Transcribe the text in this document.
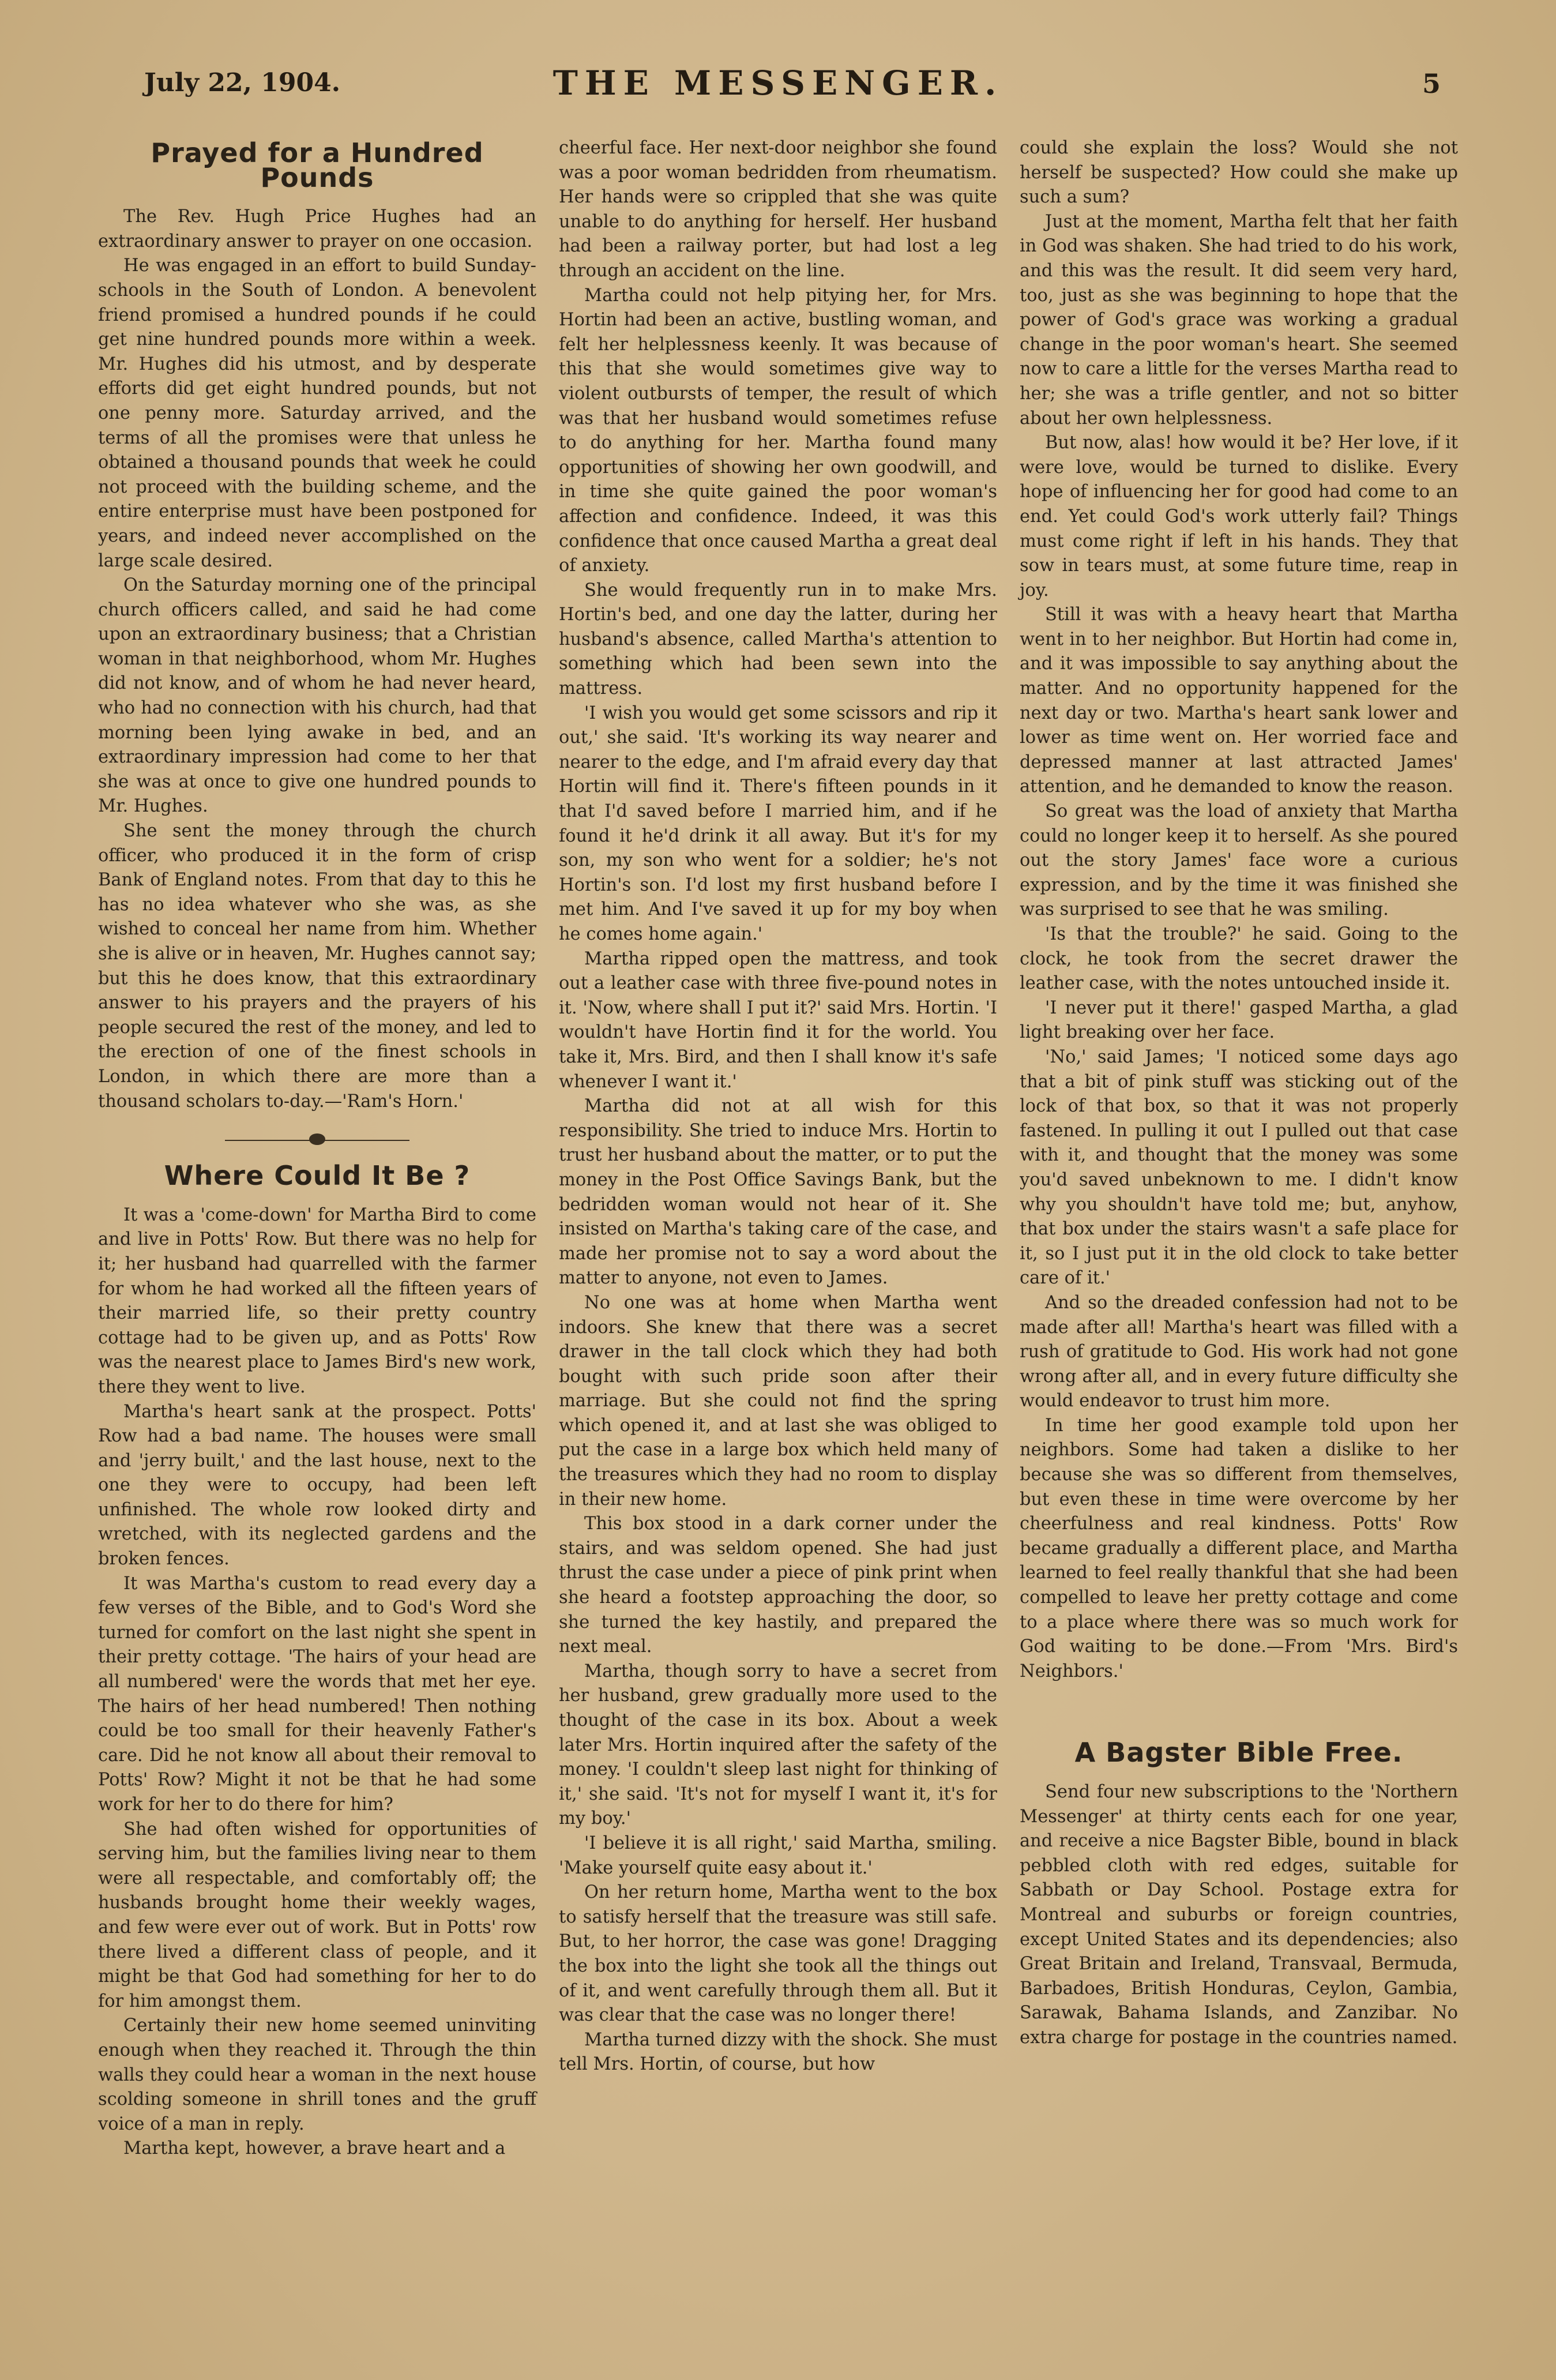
July 22, 1904.	THE MESSENGER.	5
Prayed for a Hundred Pounds

The Rev. Hugh Price Hughes had an extraordinary answer to prayer on one occasion.

He was engaged in an effort to build Sunday-schools in the South of London. A benevolent friend promised a hundred pounds if he could get nine hundred pounds more within a week. Mr. Hughes did his utmost, and by desperate efforts did get eight hundred pounds, but not one penny more. Saturday arrived, and the terms of all the promises were that unless he obtained a thousand pounds that week he could not proceed with the building scheme, and the entire enterprise must have been postponed for years, and indeed never accomplished on the large scale desired.

On the Saturday morning one of the principal church officers called, and said he had come upon an extraordinary business; that a Christian woman in that neighborhood, whom Mr. Hughes did not know, and of whom he had never heard, who had no connection with his church, had that morning been lying awake in bed, and an extraordinary impression had come to her that she was at once to give one hundred pounds to Mr. Hughes.

She sent the money through the church officer, who produced it in the form of crisp Bank of England notes. From that day to this he has no idea whatever who she was, as she wished to conceal her name from him. Whether she is alive or in heaven, Mr. Hughes cannot say; but this he does know, that this extraordinary answer to his prayers and the prayers of his people secured the rest of the money, and led to the erection of one of the finest schools in London, in which there are more than a thousand scholars to-day.—'Ram's Horn.'

Where Could It Be ?

It was a 'come-down' for Martha Bird to come and live in Potts' Row. But there was no help for it; her husband had quarrelled with the farmer for whom he had worked all the fifteen years of their married life, so their pretty country cottage had to be given up, and as Potts' Row was the nearest place to James Bird's new work, there they went to live.

Martha's heart sank at the prospect. Potts' Row had a bad name. The houses were small and 'jerry built,' and the last house, next to the one they were to occupy, had been left unfinished. The whole row looked dirty and wretched, with its neglected gardens and the broken fences.

It was Martha's custom to read every day a few verses of the Bible, and to God's Word she turned for comfort on the last night she spent in their pretty cottage. 'The hairs of your head are all numbered' were the words that met her eye. The hairs of her head numbered! Then nothing could be too small for their heavenly Father's care. Did he not know all about their removal to Potts' Row? Might it not be that he had some work for her to do there for him?

She had often wished for opportunities of serving him, but the families living near to them were all respectable, and comfortably off; the husbands brought home their weekly wages, and few were ever out of work. But in Potts' row there lived a different class of people, and it might be that God had something for her to do for him amongst them.

Certainly their new home seemed uninviting enough when they reached it. Through the thin walls they could hear a woman in the next house scolding someone in shrill tones and the gruff voice of a man in reply.

Martha kept, however, a brave heart and a

cheerful face. Her next-door neighbor she found was a poor woman bedridden from rheumatism. Her hands were so crippled that she was quite unable to do anything for herself. Her husband had been a railway porter, but had lost a leg through an accident on the line.

Martha could not help pitying her, for Mrs. Hortin had been an active, bustling woman, and felt her helplessness keenly. It was because of this that she would sometimes give way to violent outbursts of temper, the result of which was that her husband would sometimes refuse to do anything for her. Martha found many opportunities of showing her own goodwill, and in time she quite gained the poor woman's affection and confidence. Indeed, it was this confidence that once caused Martha a great deal of anxiety.

She would frequently run in to make Mrs. Hortin's bed, and one day the latter, during her husband's absence, called Martha's attention to something which had been sewn into the mattress.

'I wish you would get some scissors and rip it out,' she said. 'It's working its way nearer and nearer to the edge, and I'm afraid every day that Hortin will find it. There's fifteen pounds in it that I'd saved before I married him, and if he found it he'd drink it all away. But it's for my son, my son who went for a soldier; he's not Hortin's son. I'd lost my first husband before I met him. And I've saved it up for my boy when he comes home again.'

Martha ripped open the mattress, and took out a leather case with three five-pound notes in it. 'Now, where shall I put it?' said Mrs. Hortin. 'I wouldn't have Hortin find it for the world. You take it, Mrs. Bird, and then I shall know it's safe whenever I want it.'

Martha did not at all wish for this responsibility. She tried to induce Mrs. Hortin to trust her husband about the matter, or to put the money in the Post Office Savings Bank, but the bedridden woman would not hear of it. She insisted on Martha's taking care of the case, and made her promise not to say a word about the matter to anyone, not even to James.

No one was at home when Martha went indoors. She knew that there was a secret drawer in the tall clock which they had both bought with such pride soon after their marriage. But she could not find the spring which opened it, and at last she was obliged to put the case in a large box which held many of the treasures which they had no room to display in their new home.

This box stood in a dark corner under the stairs, and was seldom opened. She had just thrust the case under a piece of pink print when she heard a footstep approaching the door, so she turned the key hastily, and prepared the next meal.

Martha, though sorry to have a secret from her husband, grew gradually more used to the thought of the case in its box. About a week later Mrs. Hortin inquired after the safety of the money. 'I couldn't sleep last night for thinking of it,' she said. 'It's not for myself I want it, it's for my boy.'

'I believe it is all right,' said Martha, smiling. 'Make yourself quite easy about it.'

On her return home, Martha went to the box to satisfy herself that the treasure was still safe. But, to her horror, the case was gone! Dragging the box into the light she took all the things out of it, and went carefully through them all. But it was clear that the case was no longer there!

Martha turned dizzy with the shock. She must tell Mrs. Hortin, of course, but how

could she explain the loss? Would she not herself be suspected? How could she make up such a sum?

Just at the moment, Martha felt that her faith in God was shaken. She had tried to do his work, and this was the result. It did seem very hard, too, just as she was beginning to hope that the power of God's grace was working a gradual change in the poor woman's heart. She seemed now to care a little for the verses Martha read to her; she was a trifle gentler, and not so bitter about her own helplessness.

But now, alas! how would it be? Her love, if it were love, would be turned to dislike. Every hope of influencing her for good had come to an end. Yet could God's work utterly fail? Things must come right if left in his hands. They that sow in tears must, at some future time, reap in joy.

Still it was with a heavy heart that Martha went in to her neighbor. But Hortin had come in, and it was impossible to say anything about the matter. And no opportunity happened for the next day or two. Martha's heart sank lower and lower as time went on. Her worried face and depressed manner at last attracted James' attention, and he demanded to know the reason.

So great was the load of anxiety that Martha could no longer keep it to herself. As she poured out the story James' face wore a curious expression, and by the time it was finished she was surprised to see that he was smiling.

'Is that the trouble?' he said. Going to the clock, he took from the secret drawer the leather case, with the notes untouched inside it.

'I never put it there!' gasped Martha, a glad light breaking over her face.

'No,' said James; 'I noticed some days ago that a bit of pink stuff was sticking out of the lock of that box, so that it was not properly fastened. In pulling it out I pulled out that case with it, and thought that the money was some you'd saved unbeknown to me. I didn't know why you shouldn't have told me; but, anyhow, that box under the stairs wasn't a safe place for it, so I just put it in the old clock to take better care of it.'

And so the dreaded confession had not to be made after all! Martha's heart was filled with a rush of gratitude to God. His work had not gone wrong after all, and in every future difficulty she would endeavor to trust him more.

In time her good example told upon her neighbors. Some had taken a dislike to her because she was so different from themselves, but even these in time were overcome by her cheerfulness and real kindness. Potts' Row became gradually a different place, and Martha learned to feel really thankful that she had been compelled to leave her pretty cottage and come to a place where there was so much work for God waiting to be done.—From 'Mrs. Bird's Neighbors.'

A Bagster Bible Free.

Send four new subscriptions to the 'Northern Messenger' at thirty cents each for one year, and receive a nice Bagster Bible, bound in black pebbled cloth with red edges, suitable for Sabbath or Day School. Postage extra for Montreal and suburbs or foreign countries, except United States and its dependencies; also Great Britain and Ireland, Transvaal, Bermuda, Barbadoes, British Honduras, Ceylon, Gambia, Sarawak, Bahama Islands, and Zanzibar. No extra charge for postage in the countries named.
